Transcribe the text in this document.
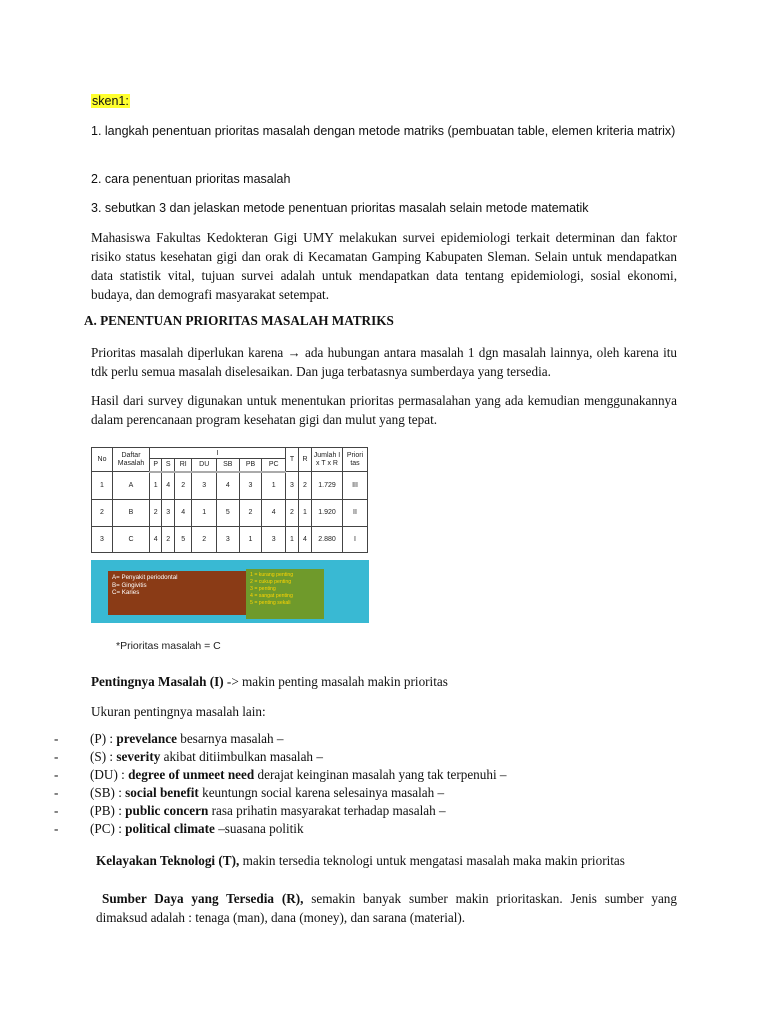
sken1:
1. langkah penentuan prioritas masalah dengan metode matriks (pembuatan table, elemen kriteria matrix)
2. cara penentuan prioritas masalah
3. sebutkan 3 dan jelaskan metode penentuan prioritas masalah selain metode matematik
Mahasiswa Fakultas Kedokteran Gigi UMY melakukan survei epidemiologi terkait determinan dan faktor risiko status kesehatan gigi dan orak di Kecamatan Gamping Kabupaten Sleman. Selain untuk mendapatkan data statistik vital, tujuan survei adalah untuk mendapatkan data tentang epidemiologi, sosial ekonomi, budaya, dan demografi masyarakat setempat.
A. PENENTUAN PRIORITAS MASALAH MATRIKS
Prioritas masalah diperlukan karena → ada hubungan antara masalah 1 dgn masalah lainnya, oleh karena itu tdk perlu semua masalah diselesaikan. Dan juga terbatasnya sumberdaya yang tersedia.
Hasil dari survey digunakan untuk menentukan prioritas permasalahan yang ada kemudian menggunakannya dalam perencanaan program kesehatan gigi dan mulut yang tepat.
No	Daftar Masalah	I							T	R	Jumlah I x T x R	Priori tas
		P	S	RI	DU	SB	PB	PC				
1	A	1	4	2	3	4	3	1	3	2	1.729	III
2	B	2	3	4	1	5	2	4	2	1	1.920	II
3	C	4	2	5	2	3	1	3	1	4	2.880	I
A= Penyakit periodontal
B= Gingivitis
C= Karies
1 = kurang penting
2 = cukup penting
3 = penting
4 = sangat penting
5 = penting sekali
*Prioritas masalah = C
Pentingnya Masalah (I) -> makin penting masalah makin prioritas
Ukuran pentingnya masalah lain:
- (P) : prevelance besarnya masalah –
- (S) : severity akibat ditiimbulkan masalah –
- (DU) : degree of unmeet need derajat keinginan masalah yang tak terpenuhi –
- (SB) : social benefit keuntungn social karena selesainya masalah –
- (PB) : public concern rasa prihatin masyarakat terhadap masalah –
- (PC) : political climate –suasana politik
Kelayakan Teknologi (T), makin tersedia teknologi untuk mengatasi masalah maka makin prioritas
Sumber Daya yang Tersedia (R), semakin banyak sumber makin prioritaskan. Jenis sumber yang dimaksud adalah : tenaga (man), dana (money), dan sarana (material).
